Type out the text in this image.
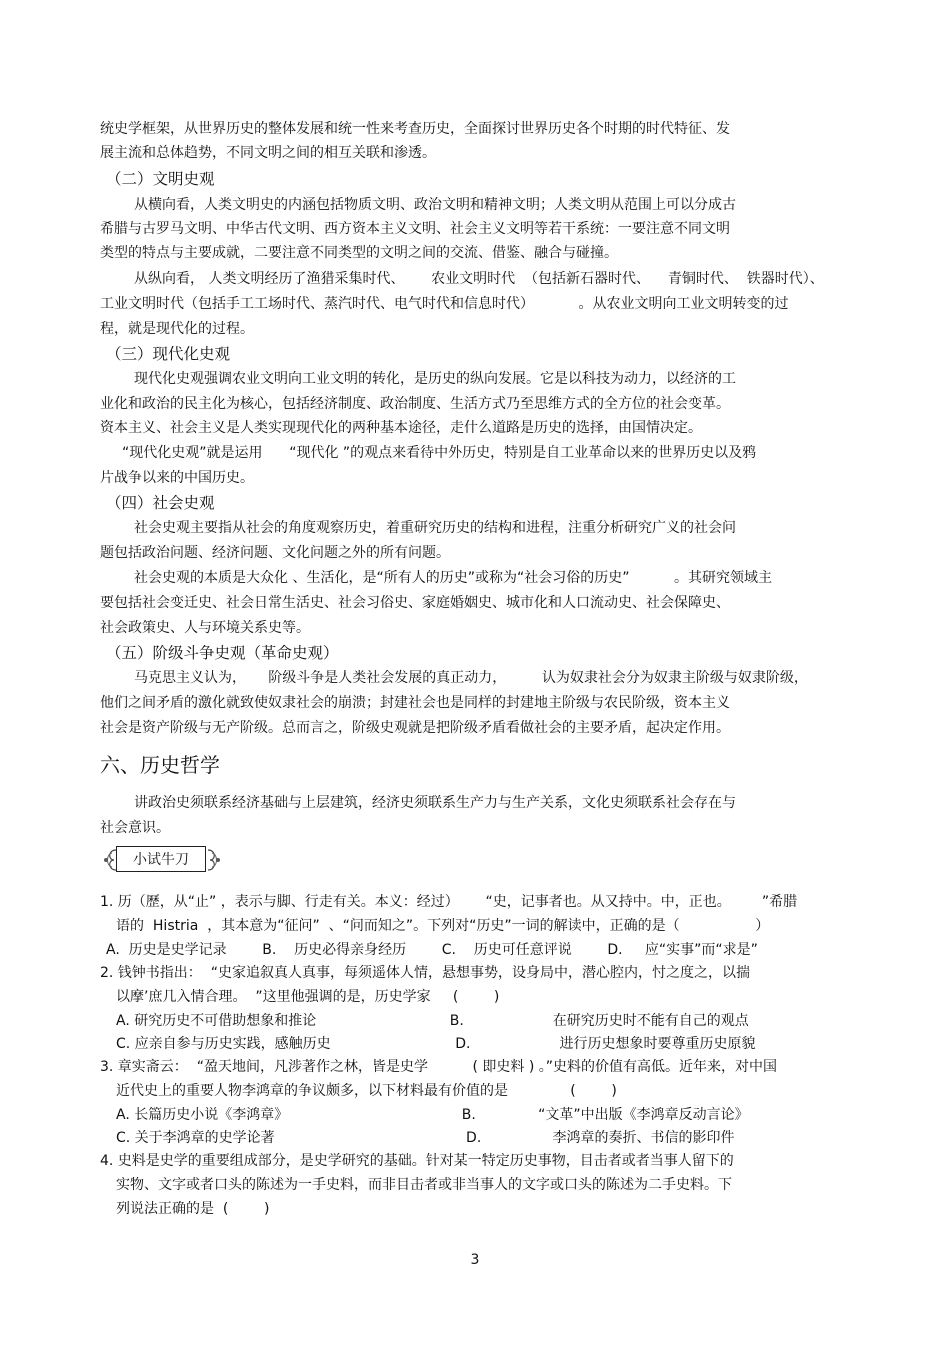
统史学框架，从世界历史的整体发展和统一性来考查历史，全面探讨世界历史各个时期的时代特征、发
展主流和总体趋势，不同文明之间的相互关联和渗透。
（二）文明史观
从横向看，人类文明史的内涵包括物质文明、政治文明和精神文明；人类文明从范围上可以分成古
希腊与古罗马文明、中华古代文明、西方资本主义文明、社会主义文明等若干系统：一要注意不同文明
类型的特点与主要成就，二要注意不同类型的文明之间的交流、借鉴、融合与碰撞。
从纵向看， 人类文明经历了渔猎采集时代、      农业文明时代  （包括新石器时代、    青铜时代、  铁器时代）、
工业文明时代（包括手工工场时代、蒸汽时代、电气时代和信息时代）          。从农业文明向工业文明转变的过
程，就是现代化的过程。
（三）现代化史观
现代化史观强调农业文明向工业文明的转化，是历史的纵向发展。它是以科技为动力，以经济的工
业化和政治的民主化为核心，包括经济制度、政治制度、生活方式乃至思维方式的全方位的社会变革。
资本主义、社会主义是人类实现现代化的两种基本途径，走什么道路是历史的选择，由国情决定。
“现代化史观”就是运用      “现代化 ”的观点来看待中外历史，特别是自工业革命以来的世界历史以及鸦
片战争以来的中国历史。
（四）社会史观
社会史观主要指从社会的角度观察历史，着重研究历史的结构和进程，注重分析研究广义的社会问
题包括政治问题、经济问题、文化问题之外的所有问题。
社会史观的本质是大众化 、生活化，是“所有人的历史”或称为“社会习俗的历史”          。其研究领域主
要包括社会变迁史、社会日常生活史、社会习俗史、家庭婚姻史、城市化和人口流动史、社会保障史、
社会政策史、人与环境关系史等。
（五）阶级斗争史观（革命史观）
马克思主义认为，     阶级斗争是人类社会发展的真正动力，        认为奴隶社会分为奴隶主阶级与奴隶阶级，
他们之间矛盾的激化就致使奴隶社会的崩溃；封建社会也是同样的封建地主阶级与农民阶级，资本主义
社会是资产阶级与无产阶级。总而言之，阶级史观就是把阶级矛盾看做社会的主要矛盾，起决定作用。
六、历史哲学
讲政治史须联系经济基础与上层建筑，经济史须联系生产力与生产关系，文化史须联系社会存在与
社会意识。
1. 历（歷，从“止” ，表示与脚、行走有关。本义：经过）      “史，记事者也。从又持中。中，正也。       ”希腊
语的  Histria  ，其本意为“征问”  、“问而知之”。下列对“历史”一词的解读中，正确的是（                 ）
A.  历史是史学记录        B.    历史必得亲身经历        C.    历史可任意评说        D.     应“实事”而“求是”
2. 钱钟书指出：  “史家追叙真人真事，每须遥体人情，悬想事势，设身局中，潜心腔内，忖之度之，以揣
以摩’庶几入情合理。  ”这里他强调的是，历史学家     (        )
A. 研究历史不可借助想象和推论                              B.                    在研究历史时不能有自己的观点
C. 应亲自参与历史实践，感触历史                            D.                    进行历史想象时要尊重历史原貌
3. 章实斋云：  “盈天地间，凡涉著作之林，皆是史学          ( 即史料 ) 。”史料的价值有高低。近年来，对中国
近代史上的重要人物李鸿章的争议颇多，以下材料最有价值的是              (        )
A. 长篇历史小说《李鸿章》                                       B.              “文革”中出版《李鸿章反动言论》
C. 关于李鸿章的史学论著                                           D.                李鸿章的奏折、书信的影印件
4. 史料是史学的重要组成部分，是史学研究的基础。针对某一特定历史事物，目击者或者当事人留下的
实物、文字或者口头的陈述为一手史料，而非目击者或非当事人的文字或口头的陈述为二手史料。下
列说法正确的是  (        )
小试牛刀
3
